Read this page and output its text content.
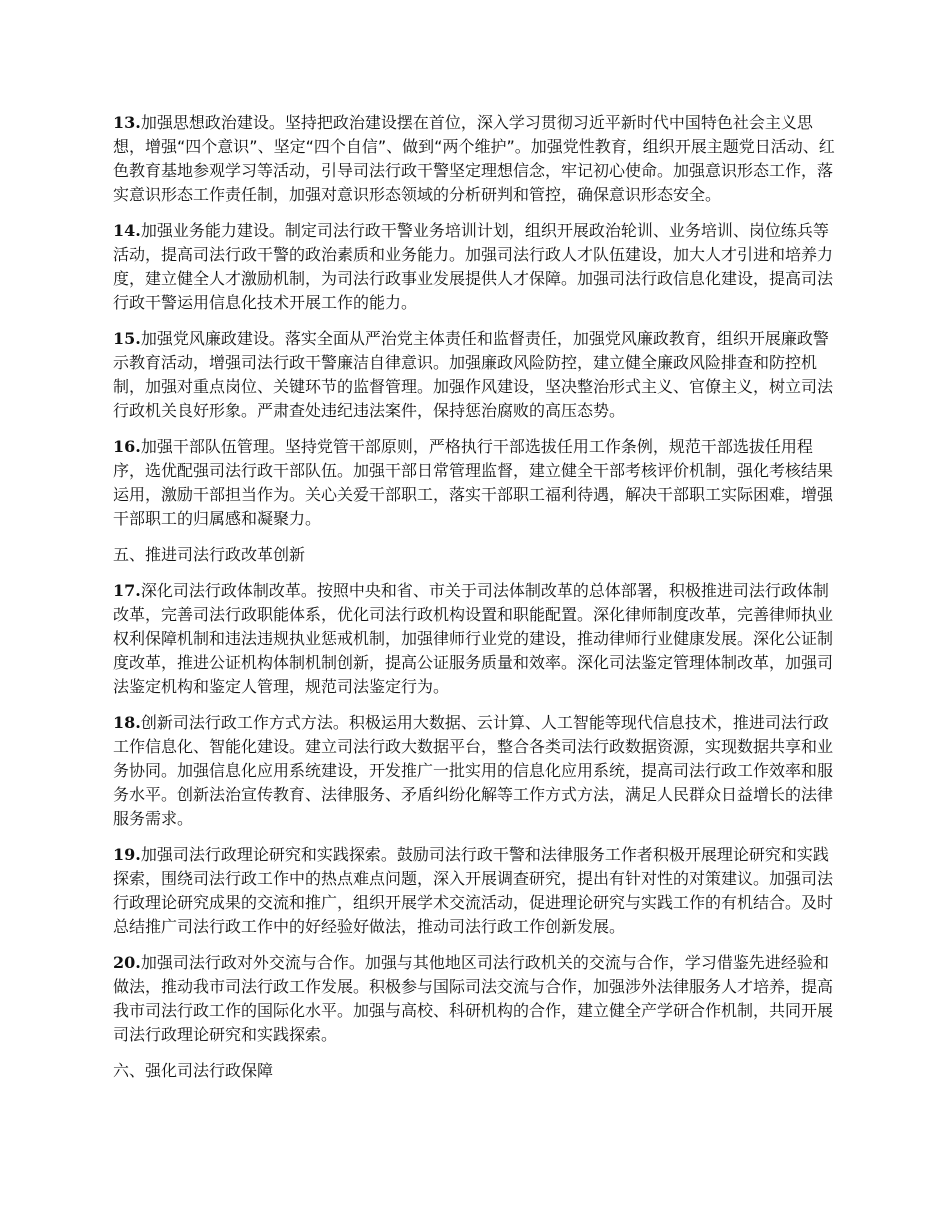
13.加强思想政治建设。坚持把政治建设摆在首位，深入学习贯彻习近平新时代中国特色社会主义思想，增强“四个意识”、坚定“四个自信”、做到“两个维护”。加强党性教育，组织开展主题党日活动、红色教育基地参观学习等活动，引导司法行政干警坚定理想信念，牢记初心使命。加强意识形态工作，落实意识形态工作责任制，加强对意识形态领域的分析研判和管控，确保意识形态安全。

14.加强业务能力建设。制定司法行政干警业务培训计划，组织开展政治轮训、业务培训、岗位练兵等活动，提高司法行政干警的政治素质和业务能力。加强司法行政人才队伍建设，加大人才引进和培养力度，建立健全人才激励机制，为司法行政事业发展提供人才保障。加强司法行政信息化建设，提高司法行政干警运用信息化技术开展工作的能力。

15.加强党风廉政建设。落实全面从严治党主体责任和监督责任，加强党风廉政教育，组织开展廉政警示教育活动，增强司法行政干警廉洁自律意识。加强廉政风险防控，建立健全廉政风险排查和防控机制，加强对重点岗位、关键环节的监督管理。加强作风建设，坚决整治形式主义、官僚主义，树立司法行政机关良好形象。严肃查处违纪违法案件，保持惩治腐败的高压态势。

16.加强干部队伍管理。坚持党管干部原则，严格执行干部选拔任用工作条例，规范干部选拔任用程序，选优配强司法行政干部队伍。加强干部日常管理监督，建立健全干部考核评价机制，强化考核结果运用，激励干部担当作为。关心关爱干部职工，落实干部职工福利待遇，解决干部职工实际困难，增强干部职工的归属感和凝聚力。

五、推进司法行政改革创新

17.深化司法行政体制改革。按照中央和省、市关于司法体制改革的总体部署，积极推进司法行政体制改革，完善司法行政职能体系，优化司法行政机构设置和职能配置。深化律师制度改革，完善律师执业权利保障机制和违法违规执业惩戒机制，加强律师行业党的建设，推动律师行业健康发展。深化公证制度改革，推进公证机构体制机制创新，提高公证服务质量和效率。深化司法鉴定管理体制改革，加强司法鉴定机构和鉴定人管理，规范司法鉴定行为。

18.创新司法行政工作方式方法。积极运用大数据、云计算、人工智能等现代信息技术，推进司法行政工作信息化、智能化建设。建立司法行政大数据平台，整合各类司法行政数据资源，实现数据共享和业务协同。加强信息化应用系统建设，开发推广一批实用的信息化应用系统，提高司法行政工作效率和服务水平。创新法治宣传教育、法律服务、矛盾纠纷化解等工作方式方法，满足人民群众日益增长的法律服务需求。

19.加强司法行政理论研究和实践探索。鼓励司法行政干警和法律服务工作者积极开展理论研究和实践探索，围绕司法行政工作中的热点难点问题，深入开展调查研究，提出有针对性的对策建议。加强司法行政理论研究成果的交流和推广，组织开展学术交流活动，促进理论研究与实践工作的有机结合。及时总结推广司法行政工作中的好经验好做法，推动司法行政工作创新发展。

20.加强司法行政对外交流与合作。加强与其他地区司法行政机关的交流与合作，学习借鉴先进经验和做法，推动我市司法行政工作发展。积极参与国际司法交流与合作，加强涉外法律服务人才培养，提高我市司法行政工作的国际化水平。加强与高校、科研机构的合作，建立健全产学研合作机制，共同开展司法行政理论研究和实践探索。

六、强化司法行政保障
